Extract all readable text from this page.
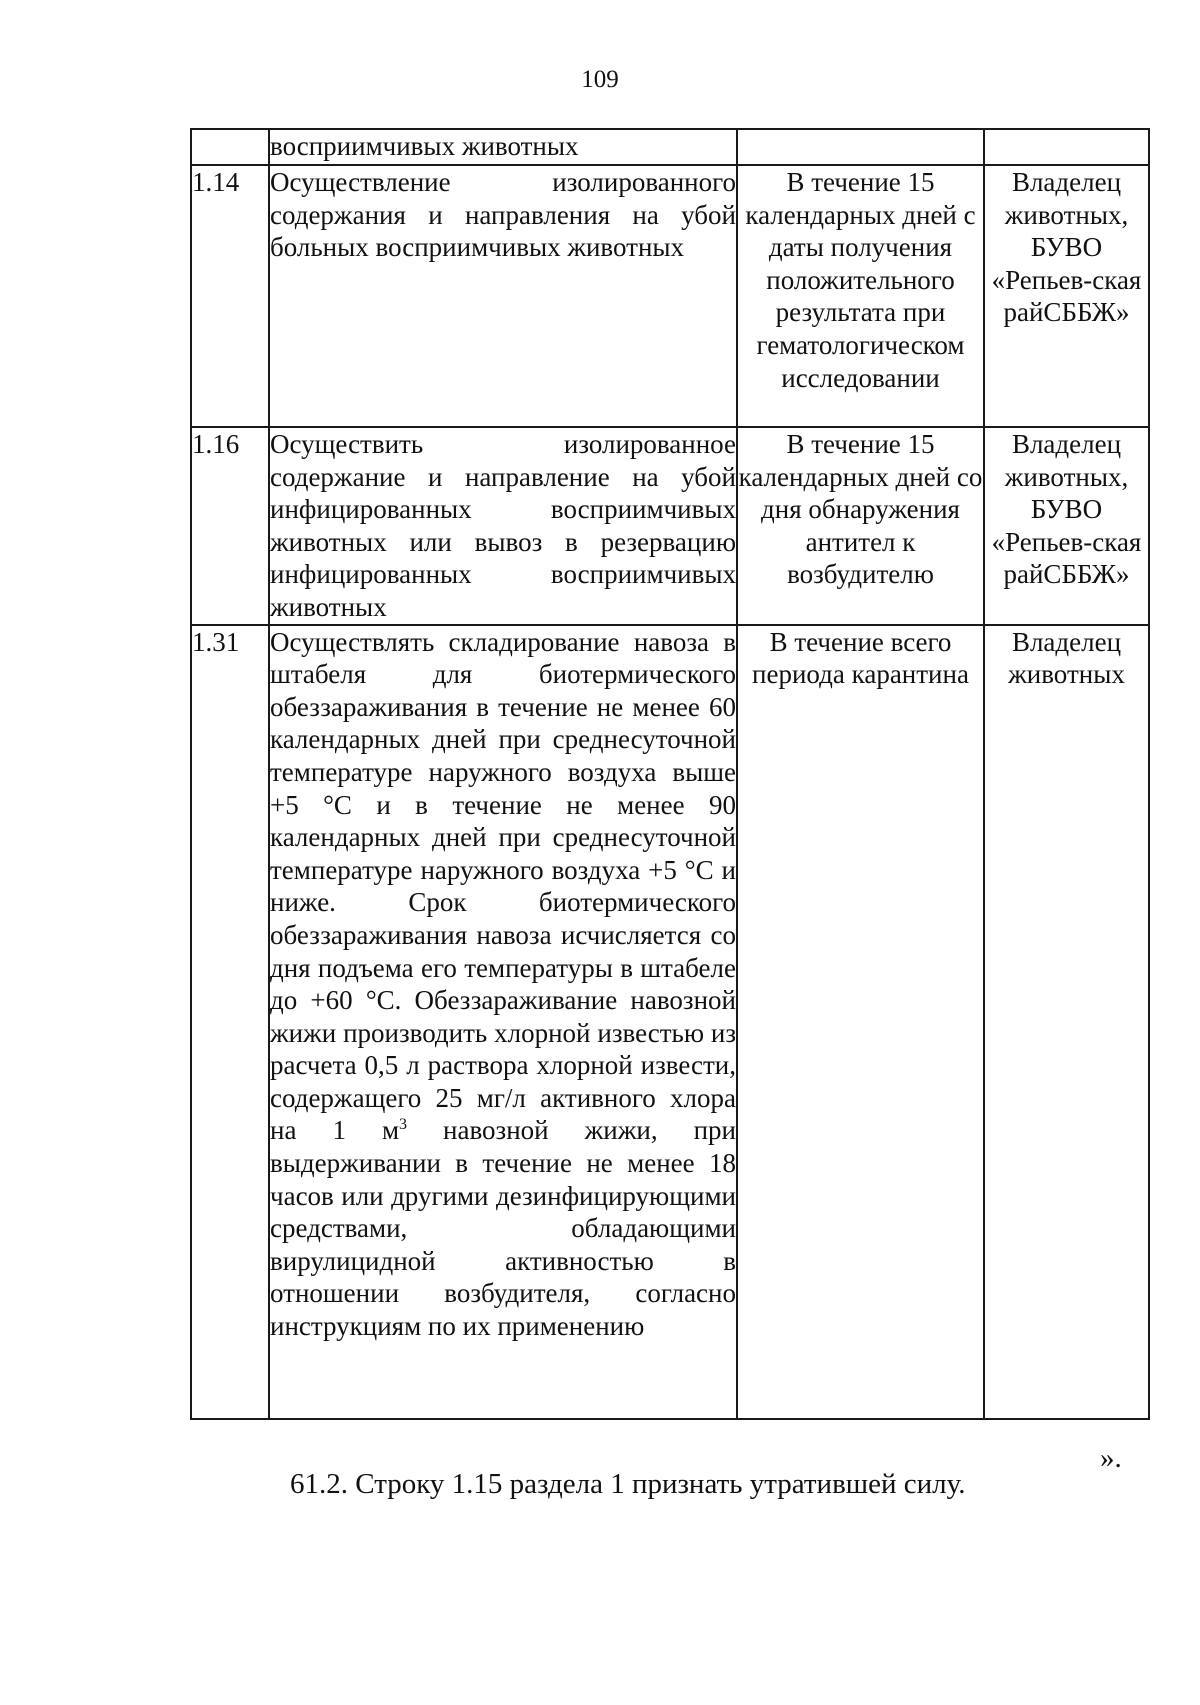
109
	восприимчивых животных		
1.14	Осуществление изолированного содержания и направления на убой больных восприимчивых животных	В течение 15 календарных дней с даты получения положительного результата при гематологическом исследовании	Владелец животных, БУВО «Репьев-ская райСББЖ»
1.16	Осуществить изолированное содержание и направление на убой инфицированных восприимчивых животных или вывоз в резервацию инфицированных восприимчивых животных	В течение 15 календарных дней со дня обнаружения антител к возбудителю	Владелец животных, БУВО «Репьев-ская райСББЖ»
1.31	Осуществлять складирование навоза в штабеля для биотермического обеззараживания в течение не менее 60 календарных дней при среднесуточной температуре наружного воздуха выше +5 °С и в течение не менее 90 календарных дней при среднесуточной температуре наружного воздуха +5 °С и ниже. Срок биотермического обеззараживания навоза исчисляется со дня подъема его температуры в штабеле до +60 °С. Обеззараживание навозной жижи производить хлорной известью из расчета 0,5 л раствора хлорной извести, содержащего 25 мг/л активного хлора на 1 $м^3$ навозной жижи, при выдерживании в течение не менее 18 часов или другими дезинфицирующими средствами, обладающими вирулицидной активностью в отношении возбудителя, согласно инструкциям по их применению	В течение всего периода карантина	Владелец животных
».
61.2. Строку 1.15 раздела 1 признать утратившей силу.
